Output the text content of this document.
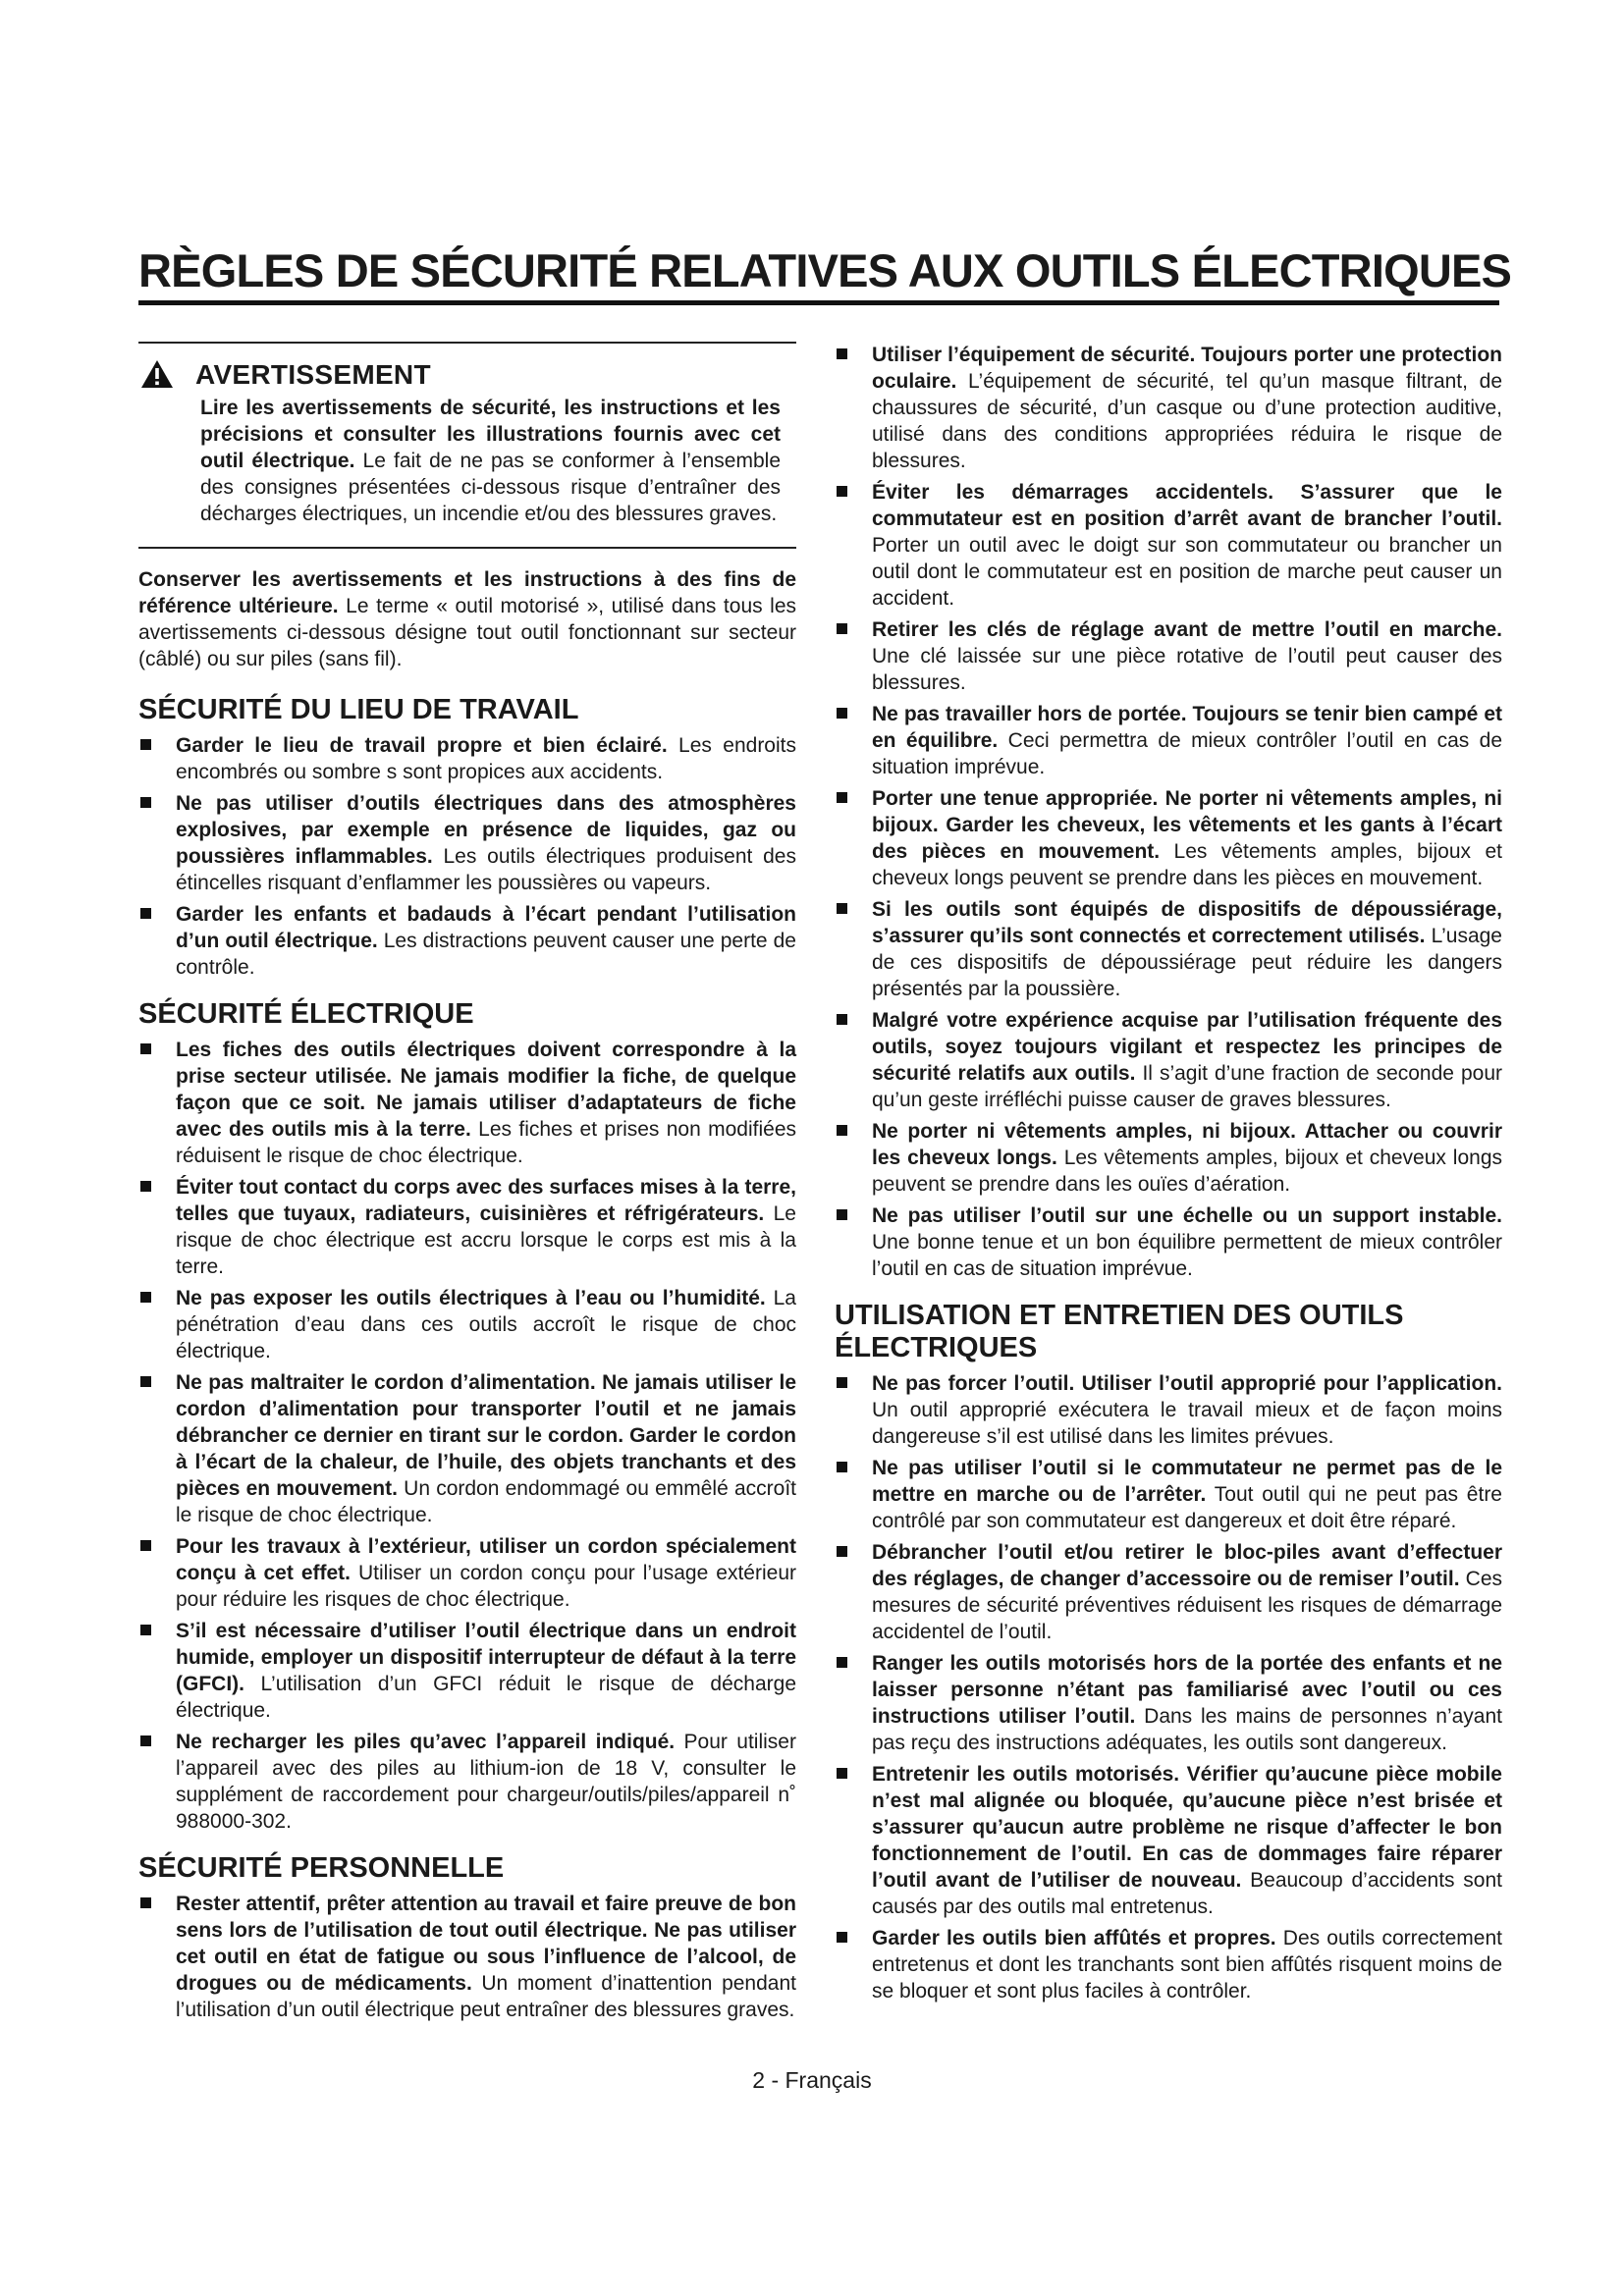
RÈGLES DE SÉCURITÉ RELATIVES AUX OUTILS ÉLECTRIQUES
AVERTISSEMENT
Lire les avertissements de sécurité, les instructions et les précisions et consulter les illustrations fournis avec cet outil électrique. Le fait de ne pas se conformer à l’ensemble des consignes présentées ci-dessous risque d’entraîner des décharges électriques, un incendie et/ou des blessures graves.

Conserver les avertissements et les instructions à des fins de référence ultérieure. Le terme « outil motorisé », utilisé dans tous les avertissements ci-dessous désigne tout outil fonctionnant sur secteur (câblé) ou sur piles (sans fil).

SÉCURITÉ DU LIEU DE TRAVAIL
Garder le lieu de travail propre et bien éclairé. Les endroits encombrés ou sombre s sont propices aux accidents.
Ne pas utiliser d’outils électriques dans des atmosphères explosives, par exemple en présence de liquides, gaz ou poussières inflammables. Les outils électriques produisent des étincelles risquant d’enflammer les poussières ou vapeurs.
Garder les enfants et badauds à l’écart pendant l’utilisation d’un outil électrique. Les distractions peuvent causer une perte de contrôle.
SÉCURITÉ ÉLECTRIQUE
Les fiches des outils électriques doivent correspondre à la prise secteur utilisée. Ne jamais modifier la fiche, de quelque façon que ce soit. Ne jamais utiliser d’adaptateurs de fiche avec des outils mis à la terre. Les fiches et prises non modifiées réduisent le risque de choc électrique.
Éviter tout contact du corps avec des surfaces mises à la terre, telles que tuyaux, radiateurs, cuisinières et réfrigérateurs. Le risque de choc électrique est accru lorsque le corps est mis à la terre.
Ne pas exposer les outils électriques à l’eau ou l’humidité. La pénétration d’eau dans ces outils accroît le risque de choc électrique.
Ne pas maltraiter le cordon d’alimentation. Ne jamais utiliser le cordon d’alimentation pour transporter l’outil et ne jamais débrancher ce dernier en tirant sur le cordon. Garder le cordon à l’écart de la chaleur, de l’huile, des objets tranchants et des pièces en mouvement. Un cordon endommagé ou emmêlé accroît le risque de choc électrique.
Pour les travaux à l’extérieur, utiliser un cordon spécialement conçu à cet effet. Utiliser un cordon conçu pour l’usage extérieur pour réduire les risques de choc électrique.
S’il est nécessaire d’utiliser l’outil électrique dans un endroit humide, employer un dispositif interrupteur de défaut à la terre (GFCI). L’utilisation d’un GFCI réduit le risque de décharge électrique.
Ne recharger les piles qu’avec l’appareil indiqué. Pour utiliser l’appareil avec des piles au lithium-ion de 18 V, consulter le supplément de raccordement pour chargeur/outils/piles/appareil n˚ 988000-302.
SÉCURITÉ PERSONNELLE
Rester attentif, prêter attention au travail et faire preuve de bon sens lors de l’utilisation de tout outil électrique. Ne pas utiliser cet outil en état de fatigue ou sous l’influence de l’alcool, de drogues ou de médicaments. Un moment d’inattention pendant l’utilisation d’un outil électrique peut entraîner des blessures graves.
Utiliser l’équipement de sécurité. Toujours porter une protection oculaire. L’équipement de sécurité, tel qu’un masque filtrant, de chaussures de sécurité, d’un casque ou d’une protection auditive, utilisé dans des conditions appropriées réduira le risque de blessures.
Éviter les démarrages accidentels. S’assurer que le commutateur est en position d’arrêt avant de brancher l’outil. Porter un outil avec le doigt sur son commutateur ou brancher un outil dont le commutateur est en position de marche peut causer un accident.
Retirer les clés de réglage avant de mettre l’outil en marche. Une clé laissée sur une pièce rotative de l’outil peut causer des blessures.
Ne pas travailler hors de portée. Toujours se tenir bien campé et en équilibre. Ceci permettra de mieux contrôler l’outil en cas de situation imprévue.
Porter une tenue appropriée. Ne porter ni vêtements amples, ni bijoux. Garder les cheveux, les vêtements et les gants à l’écart des pièces en mouvement. Les vêtements amples, bijoux et cheveux longs peuvent se prendre dans les pièces en mouvement.
Si les outils sont équipés de dispositifs de dépoussiérage, s’assurer qu’ils sont connectés et correctement utilisés. L’usage de ces dispositifs de dépoussiérage peut réduire les dangers présentés par la poussière.
Malgré votre expérience acquise par l’utilisation fréquente des outils, soyez toujours vigilant et respectez les principes de sécurité relatifs aux outils. Il s’agit d’une fraction de seconde pour qu’un geste irréfléchi puisse causer de graves blessures.
Ne porter ni vêtements amples, ni bijoux. Attacher ou couvrir les cheveux longs. Les vêtements amples, bijoux et cheveux longs peuvent se prendre dans les ouïes d’aération.
Ne pas utiliser l’outil sur une échelle ou un support instable. Une bonne tenue et un bon équilibre permettent de mieux contrôler l’outil en cas de situation imprévue.
UTILISATION ET ENTRETIEN DES OUTILS ÉLECTRIQUES
Ne pas forcer l’outil. Utiliser l’outil approprié pour l’application. Un outil approprié exécutera le travail mieux et de façon moins dangereuse s’il est utilisé dans les limites prévues.
Ne pas utiliser l’outil si le commutateur ne permet pas de le mettre en marche ou de l’arrêter. Tout outil qui ne peut pas être contrôlé par son commutateur est dangereux et doit être réparé.
Débrancher l’outil et/ou retirer le bloc-piles avant d’effectuer des réglages, de changer d’accessoire ou de remiser l’outil. Ces mesures de sécurité préventives réduisent les risques de démarrage accidentel de l’outil.
Ranger les outils motorisés hors de la portée des enfants et ne laisser personne n’étant pas familiarisé avec l’outil ou ces instructions utiliser l’outil. Dans les mains de personnes n’ayant pas reçu des instructions adéquates, les outils sont dangereux.
Entretenir les outils motorisés. Vérifier qu’aucune pièce mobile n’est mal alignée ou bloquée, qu’aucune pièce n’est brisée et s’assurer qu’aucun autre problème ne risque d’affecter le bon fonctionnement de l’outil. En cas de dommages faire réparer l’outil avant de l’utiliser de nouveau. Beaucoup d’accidents sont causés par des outils mal entretenus.
Garder les outils bien affûtés et propres. Des outils correctement entretenus et dont les tranchants sont bien affûtés risquent moins de se bloquer et sont plus faciles à contrôler.
2 - Français
